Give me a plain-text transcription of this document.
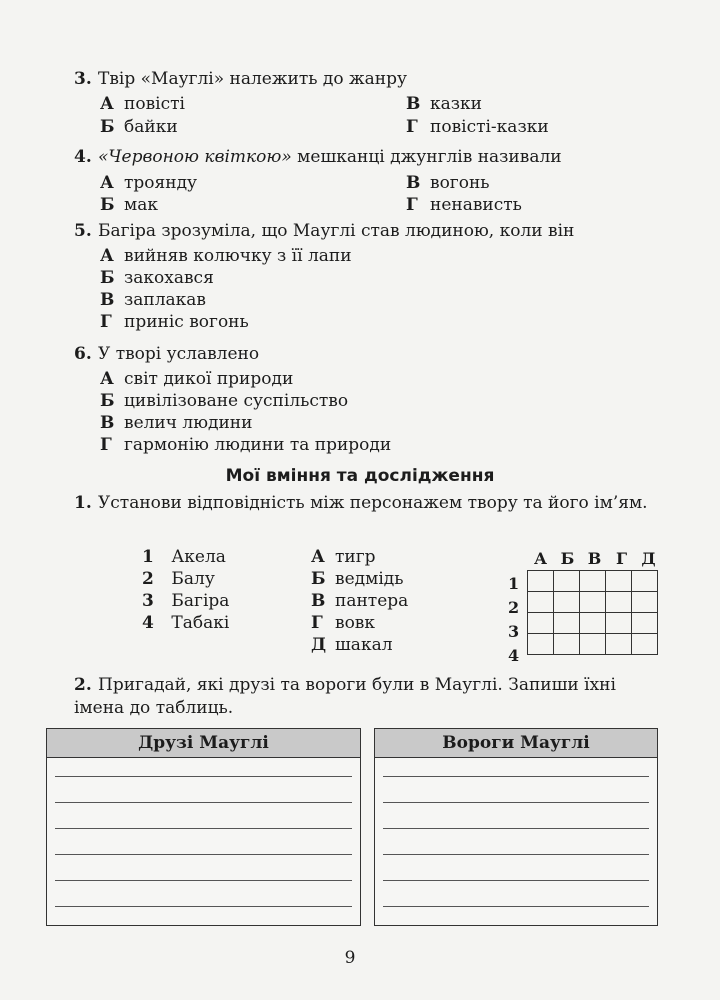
3. Твір «Мауглі» належить до жанру
А повісті	В казки
Б байки	Г повісті-казки
4. «Червоною квіткою» мешканці джунглів називали
А троянду	В вогонь
Б мак	Г ненависть
5. Багіра зрозуміла, що Мауглі став людиною, коли він
А вийняв колючку з її лапи
Б закохався
В заплакав
Г приніс вогонь
6. У творі уславлено
А світ дикої природи
Б цивілізоване суспільство
В велич людини
Г гармонію людини та природи
Мої вміння та дослідження
1. Установи відповідність між персонажем твору та його ім’ям.
1 Акела
2 Балу
3 Багіра
4 Табакі
А тигр
Б ведмідь
В пантера
Г вовк
Д шакал
А Б В Г Д
1
2
3
4

2. Пригадай, які друзі та вороги були в Мауглі. Запиши їхні імена до таблиць.
Друзі Мауглі	Вороги Мауглі
9
